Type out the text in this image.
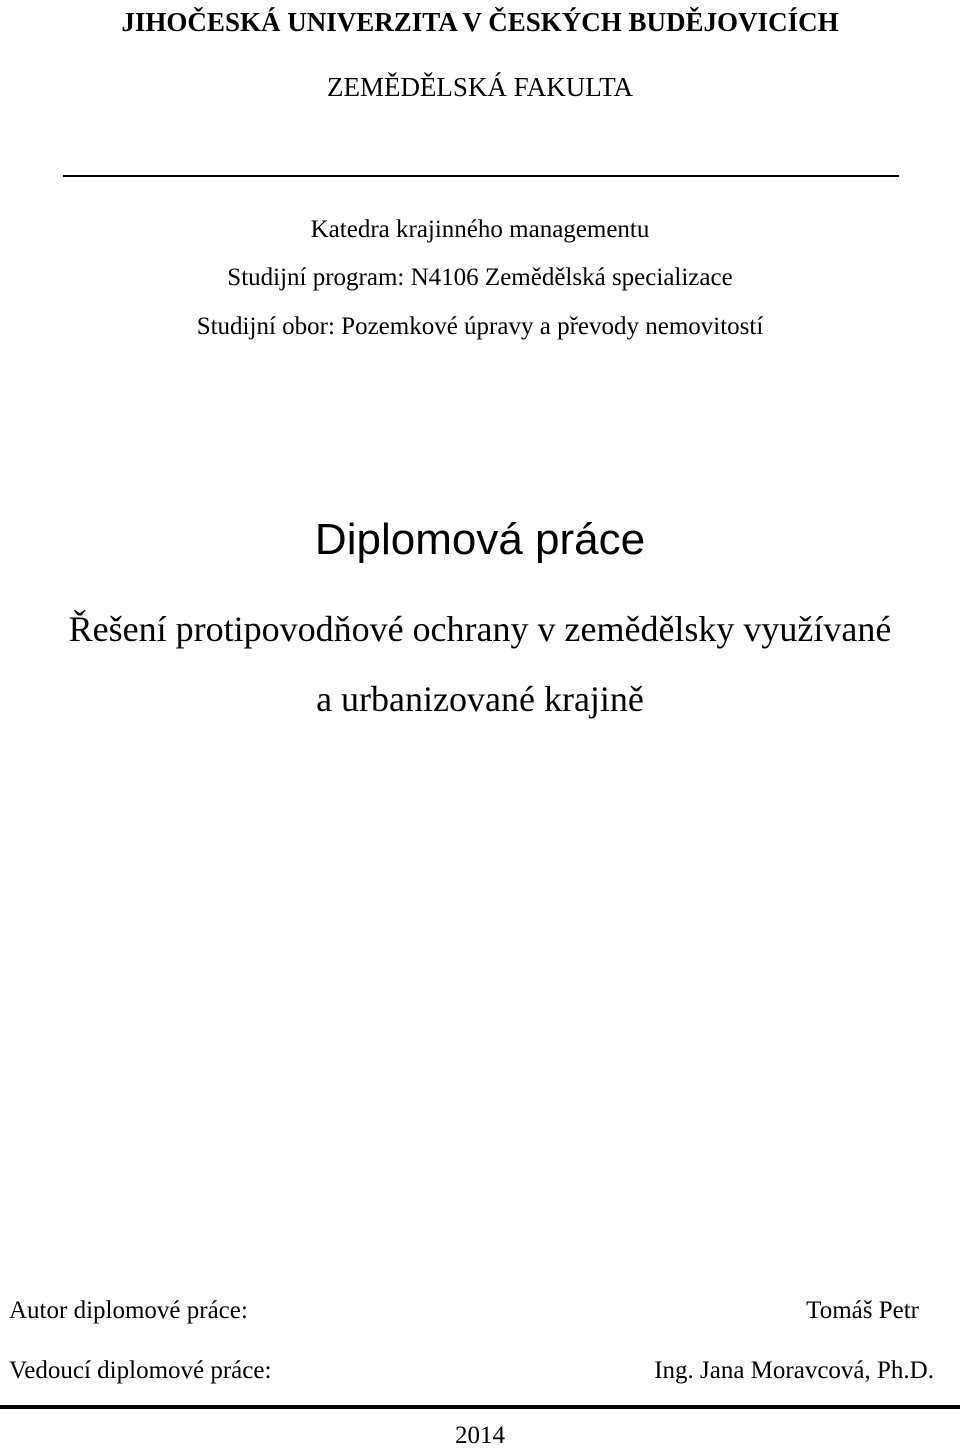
JIHOČESKÁ UNIVERZITA V ČESKÝCH BUDĚJOVICÍCH
ZEMĚDĚLSKÁ FAKULTA
Katedra krajinného managementu
Studijní program: N4106 Zemědělská specializace
Studijní obor: Pozemkové úpravy a převody nemovitostí
Diplomová práce
Řešení protipovodňové ochrany v zemědělsky využívané
a urbanizované krajině
Autor diplomové práce:	Tomáš Petr
Vedoucí diplomové práce:	Ing. Jana Moravcová, Ph.D.
2014
